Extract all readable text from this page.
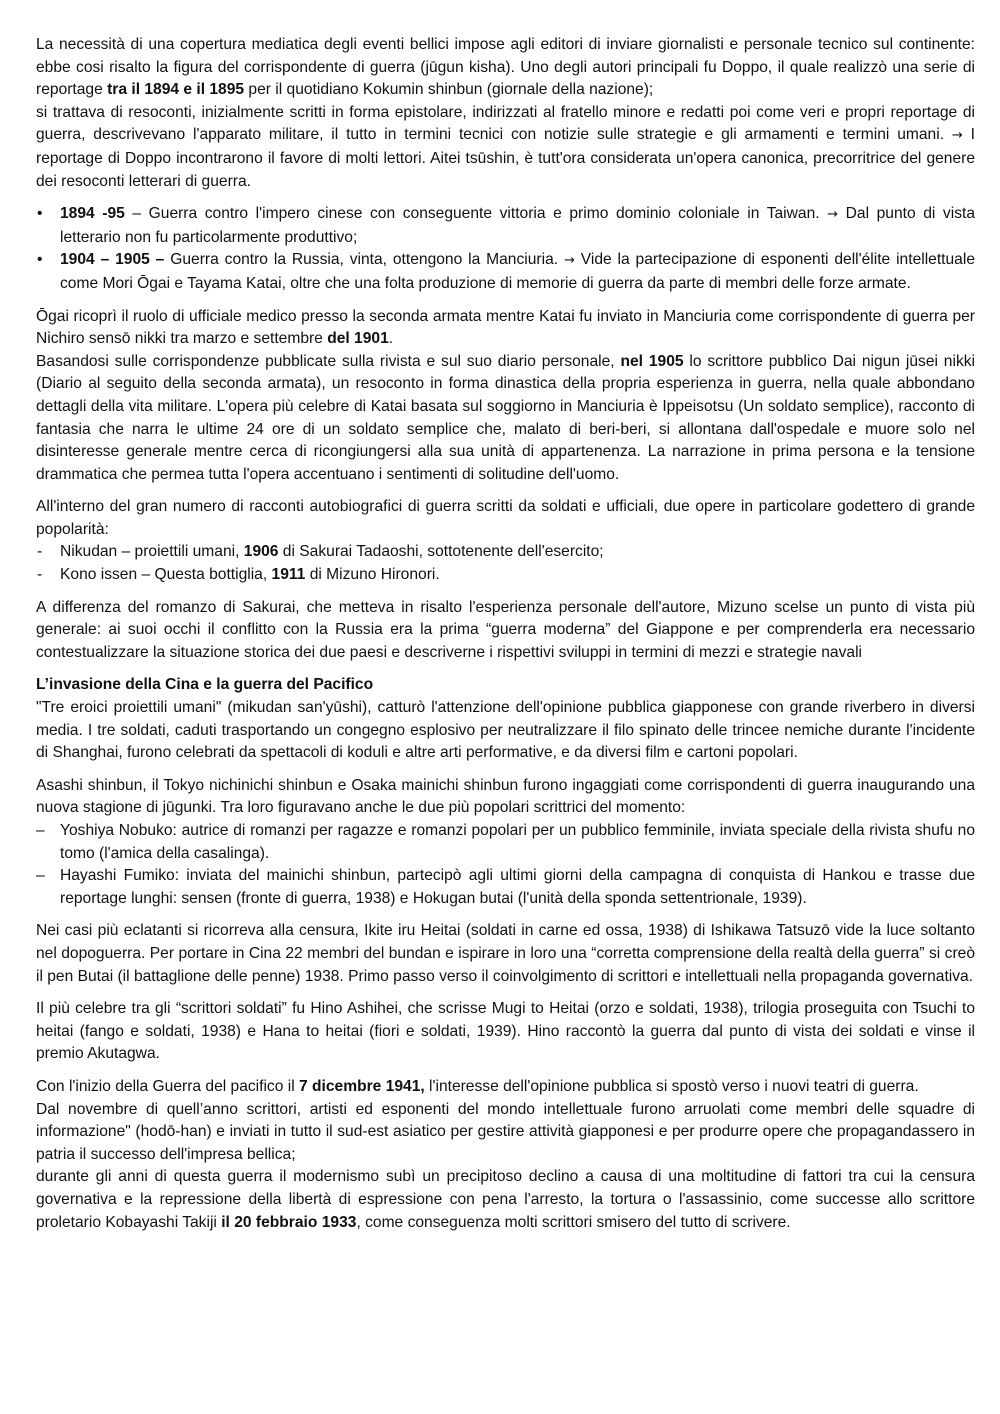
La necessità di una copertura mediatica degli eventi bellici impose agli editori di inviare giornalisti e personale tecnico sul continente: ebbe cosi risalto la figura del corrispondente di guerra (jūgun kisha). Uno degli autori principali fu Doppo, il quale realizzò una serie di reportage tra il 1894 e il 1895 per il quotidiano Kokumin shinbun (giornale della nazione);

si trattava di resoconti, inizialmente scritti in forma epistolare, indirizzati al fratello minore e redatti poi come veri e propri reportage di guerra, descrivevano l'apparato militare, il tutto in termini tecnici con notizie sulle strategie e gli armamenti e termini umani. → I reportage di Doppo incontrarono il favore di molti lettori. Aitei tsūshin, è tutt'ora considerata un'opera canonica, precorritrice del genere dei resoconti letterari di guerra.

• 1894 -95 – Guerra contro l'impero cinese con conseguente vittoria e primo dominio coloniale in Taiwan. → Dal punto di vista letterario non fu particolarmente produttivo;
• 1904 – 1905 – Guerra contro la Russia, vinta, ottengono la Manciuria. → Vide la partecipazione di esponenti dell'élite intellettuale come Mori Ōgai e Tayama Katai, oltre che una folta produzione di memorie di guerra da parte di membri delle forze armate.

Ōgai ricoprì il ruolo di ufficiale medico presso la seconda armata mentre Katai fu inviato in Manciuria come corrispondente di guerra per Nichiro sensō nikki tra marzo e settembre del 1901.

Basandosi sulle corrispondenze pubblicate sulla rivista e sul suo diario personale, nel 1905 lo scrittore pubblico Dai nigun jūsei nikki (Diario al seguito della seconda armata), un resoconto in forma dinastica della propria esperienza in guerra, nella quale abbondano dettagli della vita militare. L'opera più celebre di Katai basata sul soggiorno in Manciuria è Ippeisotsu (Un soldato semplice), racconto di fantasia che narra le ultime 24 ore di un soldato semplice che, malato di beri-beri, si allontana dall'ospedale e muore solo nel disinteresse generale mentre cerca di ricongiungersi alla sua unità di appartenenza. La narrazione in prima persona e la tensione drammatica che permea tutta l'opera accentuano i sentimenti di solitudine dell'uomo.

All'interno del gran numero di racconti autobiografici di guerra scritti da soldati e ufficiali, due opere in particolare godettero di grande popolarità:

- Nikudan – proiettili umani, 1906 di Sakurai Tadaoshi, sottotenente dell'esercito;
- Kono issen – Questa bottiglia, 1911 di Mizuno Hironori.

A differenza del romanzo di Sakurai, che metteva in risalto l'esperienza personale dell'autore, Mizuno scelse un punto di vista più generale: ai suoi occhi il conflitto con la Russia era la prima “guerra moderna” del Giappone e per comprenderla era necessario contestualizzare la situazione storica dei due paesi e descriverne i rispettivi sviluppi in termini di mezzi e strategie navali

L’invasione della Cina e la guerra del Pacifico

"Tre eroici proiettili umani" (mikudan san'yūshi), catturò l'attenzione dell'opinione pubblica giapponese con grande riverbero in diversi media. I tre soldati, caduti trasportando un congegno esplosivo per neutralizzare il filo spinato delle trincee nemiche durante l'incidente di Shanghai, furono celebrati da spettacoli di koduli e altre arti performative, e da diversi film e cartoni popolari.

Asashi shinbun, il Tokyo nichinichi shinbun e Osaka mainichi shinbun furono ingaggiati come corrispondenti di guerra inaugurando una nuova stagione di jūgunki. Tra loro figuravano anche le due più popolari scrittrici del momento:

– Yoshiya Nobuko: autrice di romanzi per ragazze e romanzi popolari per un pubblico femminile, inviata speciale della rivista shufu no tomo (l'amica della casalinga).
– Hayashi Fumiko: inviata del mainichi shinbun, partecipò agli ultimi giorni della campagna di conquista di Hankou e trasse due reportage lunghi: sensen (fronte di guerra, 1938) e Hokugan butai (l'unità della sponda settentrionale, 1939).

Nei casi più eclatanti si ricorreva alla censura, Ikite iru Heitai (soldati in carne ed ossa, 1938) di Ishikawa Tatsuzō vide la luce soltanto nel dopoguerra. Per portare in Cina 22 membri del bundan e ispirare in loro una “corretta comprensione della realtà della guerra” si creò il pen Butai (il battaglione delle penne) 1938. Primo passo verso il coinvolgimento di scrittori e intellettuali nella propaganda governativa.

Il più celebre tra gli “scrittori soldati” fu Hino Ashihei, che scrisse Mugi to Heitai (orzo e soldati, 1938), trilogia proseguita con Tsuchi to heitai (fango e soldati, 1938) e Hana to heitai (fiori e soldati, 1939). Hino raccontò la guerra dal punto di vista dei soldati e vinse il premio Akutagwa.

Con l'inizio della Guerra del pacifico il 7 dicembre 1941, l'interesse dell'opinione pubblica si spostò verso i nuovi teatri di guerra.

Dal novembre di quell’anno scrittori, artisti ed esponenti del mondo intellettuale furono arruolati come membri delle squadre di informazione" (hodō-han) e inviati in tutto il sud-est asiatico per gestire attività giapponesi e per produrre opere che propagandassero in patria il successo dell'impresa bellica;

durante gli anni di questa guerra il modernismo subì un precipitoso declino a causa di una moltitudine di fattori tra cui la censura governativa e la repressione della libertà di espressione con pena l'arresto, la tortura o l'assassinio, come successe allo scrittore proletario Kobayashi Takiji il 20 febbraio 1933, come conseguenza molti scrittori smisero del tutto di scrivere.
